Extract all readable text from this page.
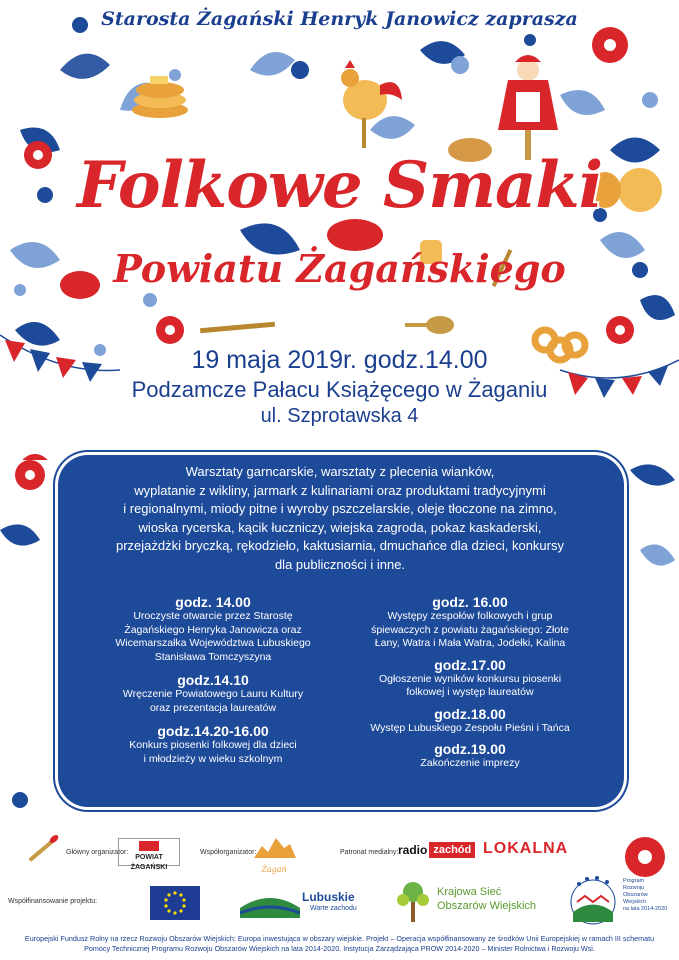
Starosta Żagański Henryk Janowicz zaprasza
Folkowe Smaki
Powiatu Żagańskiego
19 maja 2019r. godz.14.00
Podzamcze Pałacu Książęcego w Żaganiu
ul. Szprotawska 4
Warsztaty garncarskie, warsztaty z plecenia wianków,
wyplatanie z wikliny, jarmark z kulinariami oraz produktami tradycyjnymi
i regionalnymi, miody pitne i wyroby pszczelarskie, oleje tłoczone na zimno,
wioska rycerska, kącik łuczniczy, wiejska zagroda, pokaz kaskaderski,
przejażdżki bryczką, rękodzieło, kaktusiarnia, dmuchańce dla dzieci, konkursy
dla publiczności i inne.
godz. 14.00
Uroczyste otwarcie przez Starostę
Żagańskiego Henryka Janowicza oraz
Wicemarszałka Województwa Lubuskiego
Stanisława Tomczyszyna
godz.14.10
Wręczenie Powiatowego Lauru Kultury
oraz prezentacja laureatów
godz.14.20-16.00
Konkurs piosenki folkowej dla dzieci
i młodzieży w wieku szkolnym
godz. 16.00
Występy zespołów folkowych i grup
śpiewaczych z powiatu żagańskiego: Złote
Łany, Watra i Mała Watra, Jodełki, Kalina
godz.17.00
Ogłoszenie wyników konkursu piosenki
folkowej i występ laureatów
godz.18.00
Występ Lubuskiego Zespołu Pieśni i Tańca
godz.19.00
Zakończenie imprezy
Główny organizator:
POWIAT ŻAGAŃSKI
Współorganizator:
Żagań
Patronat medialny: radio zachód LOKALNA
Współfinansowanie projektu:	Lubuskie
Warte zachodu
Krajowa Sieć
Obszarów Wiejskich
Program
Rozwoju
Obszarów
Wiejskich
na lata 2014-2020
Europejski Fundusz Rolny na rzecz Rozwoju Obszarów Wiejskich: Europa inwestująca w obszary wiejskie. Projekt – Operacja współfinansowany ze środków Unii Europejskiej w ramach III schematu
Pomocy Technicznej Programu Rozwoju Obszarów Wiejskich na lata 2014-2020. Instytucja Zarządzająca PROW 2014-2020 – Minister Rolnictwa i Rozwoju Wsi.
